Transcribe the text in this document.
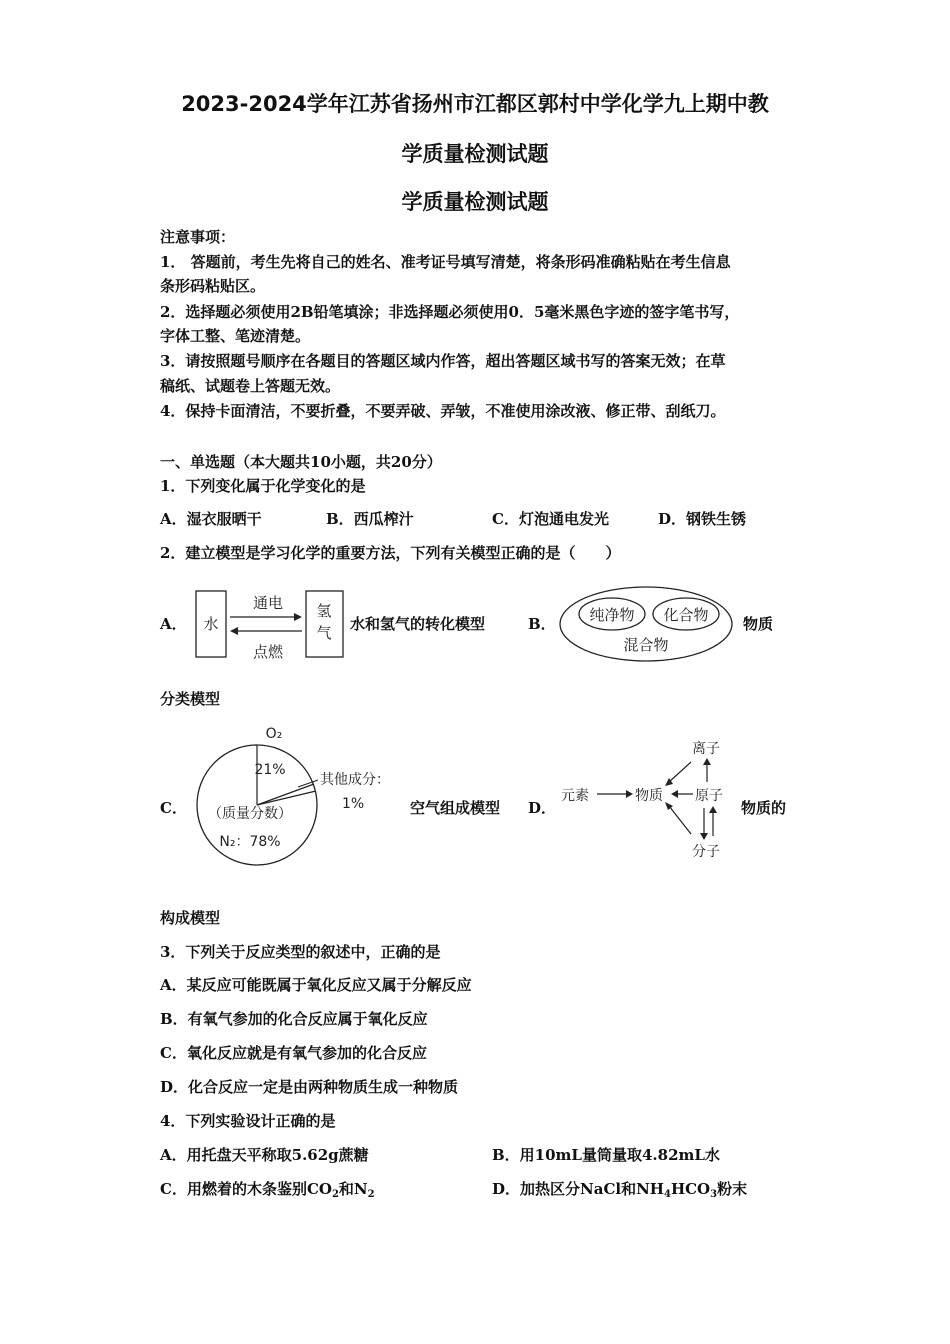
2023-2024学年江苏省扬州市江都区郭村中学化学九上期中教
学质量检测试题
学质量检测试题
注意事项：
1． 答题前，考生先将自己的姓名、准考证号填写清楚，将条形码准确粘贴在考生信息
条形码粘贴区。
2．选择题必须使用2B铅笔填涂；非选择题必须使用0．5毫米黑色字迹的签字笔书写，
字体工整、笔迹清楚。
3．请按照题号顺序在各题目的答题区域内作答，超出答题区域书写的答案无效；在草
稿纸、试题卷上答题无效。
4．保持卡面清洁，不要折叠，不要弄破、弄皱，不准使用涂改液、修正带、刮纸刀。
一、单选题（本大题共10小题，共20分）
1．下列变化属于化学变化的是
A．湿衣服晒干	B．西瓜榨汁	C．灯泡通电发光	D．钢铁生锈
2．建立模型是学习化学的重要方法，下列有关模型正确的是（　　）
A． 水
氢
气
通电
点燃
水和氢气的转化模型	B． 纯净物 化合物
混合物
物质
分类模型
C．
O₂
21%
其他成分：
1%
（质量分数）
N₂：78%
空气组成模型 D．
元素	物质
离子
原子
分子
物质的
构成模型
3．下列关于反应类型的叙述中，正确的是
A．某反应可能既属于氧化反应又属于分解反应
B．有氧气参加的化合反应属于氧化反应
C．氧化反应就是有氧气参加的化合反应
D．化合反应一定是由两种物质生成一种物质
4．下列实验设计正确的是
A．用托盘天平称取5.62g蔗糖	B．用10mL量筒量取4.82mL水
C．用燃着的木条鉴别$CO_2$和$N_2$	D．加热区分NaCl和$NH_4HCO_3$粉末
